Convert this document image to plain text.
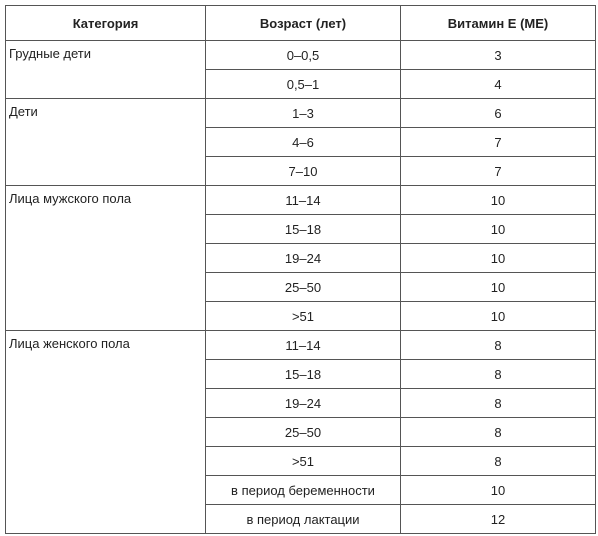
Категория	Возраст (лет)	Витамин Е (МЕ)
Грудные дети	0–0,5	3
	0,5–1	4
Дети	1–3	6
	4–6	7
	7–10	7
Лица мужского пола	11–14	10
	15–18	10
	19–24	10
	25–50	10
	>51	10
Лица женского пола	11–14	8
	15–18	8
	19–24	8
	25–50	8
	>51	8
	в период беременности	10
	в период лактации	12
